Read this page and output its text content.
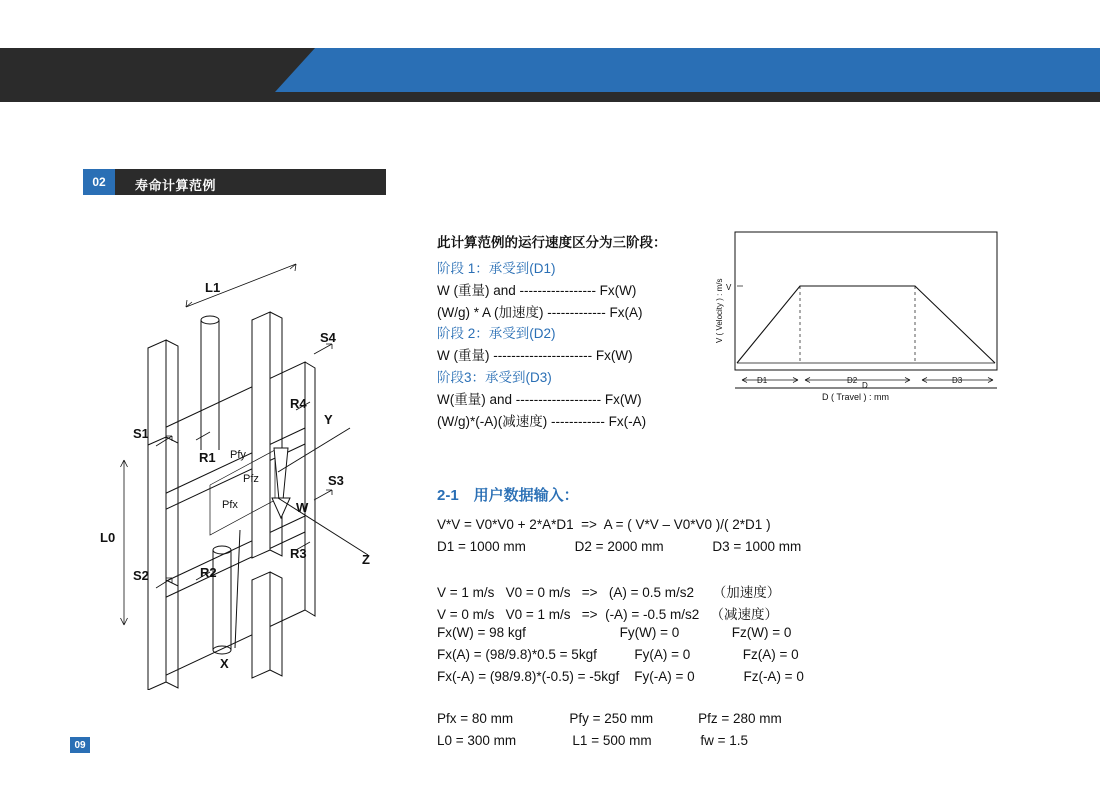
二、认识直线导轨	HENGERDA恒而达
02	寿命计算范例
此计算范例的运行速度区分为三阶段：
阶段 1：承受到(D1)
W (重量) and ----------------- Fx(W)
(W/g) * A (加速度) ------------- Fx(A)
阶段 2：承受到(D2)
W (重量) ---------------------- Fx(W)
阶段3：承受到(D3)
W(重量) and ------------------- Fx(W)
(W/g)*(-A)(减速度) ------------ Fx(-A)
2-1　用户数据输入：
V*V = V0*V0 + 2*A*D1  =>  A = ( V*V – V0*V0 )/( 2*D1 )
D1 = 1000 mm             D2 = 2000 mm             D3 = 1000 mm
V = 1 m/s   V0 = 0 m/s   =>   (A) = 0.5 m/s2     （加速度）
V = 0 m/s   V0 = 1 m/s   =>  (-A) = -0.5 m/s2   （减速度）
Fx(W) = 98 kgf                         Fy(W) = 0              Fz(W) = 0
Fx(A) = (98/9.8)*0.5 = 5kgf          Fy(A) = 0              Fz(A) = 0
Fx(-A) = (98/9.8)*(-0.5) = -5kgf    Fy(-A) = 0             Fz(-A) = 0
Pfx = 80 mm               Pfy = 250 mm            Pfz = 280 mm
L0 = 300 mm               L1 = 500 mm             fw = 1.5
V
V ( Velocity ) : m/s
D1	D2	D3
D
D ( Travel ) : mm
L1
L0
S1
S2
S3
S4
R1
R2
R3
R4
Y
Z
X
Pfy
Pfz
Pfx	W
09
